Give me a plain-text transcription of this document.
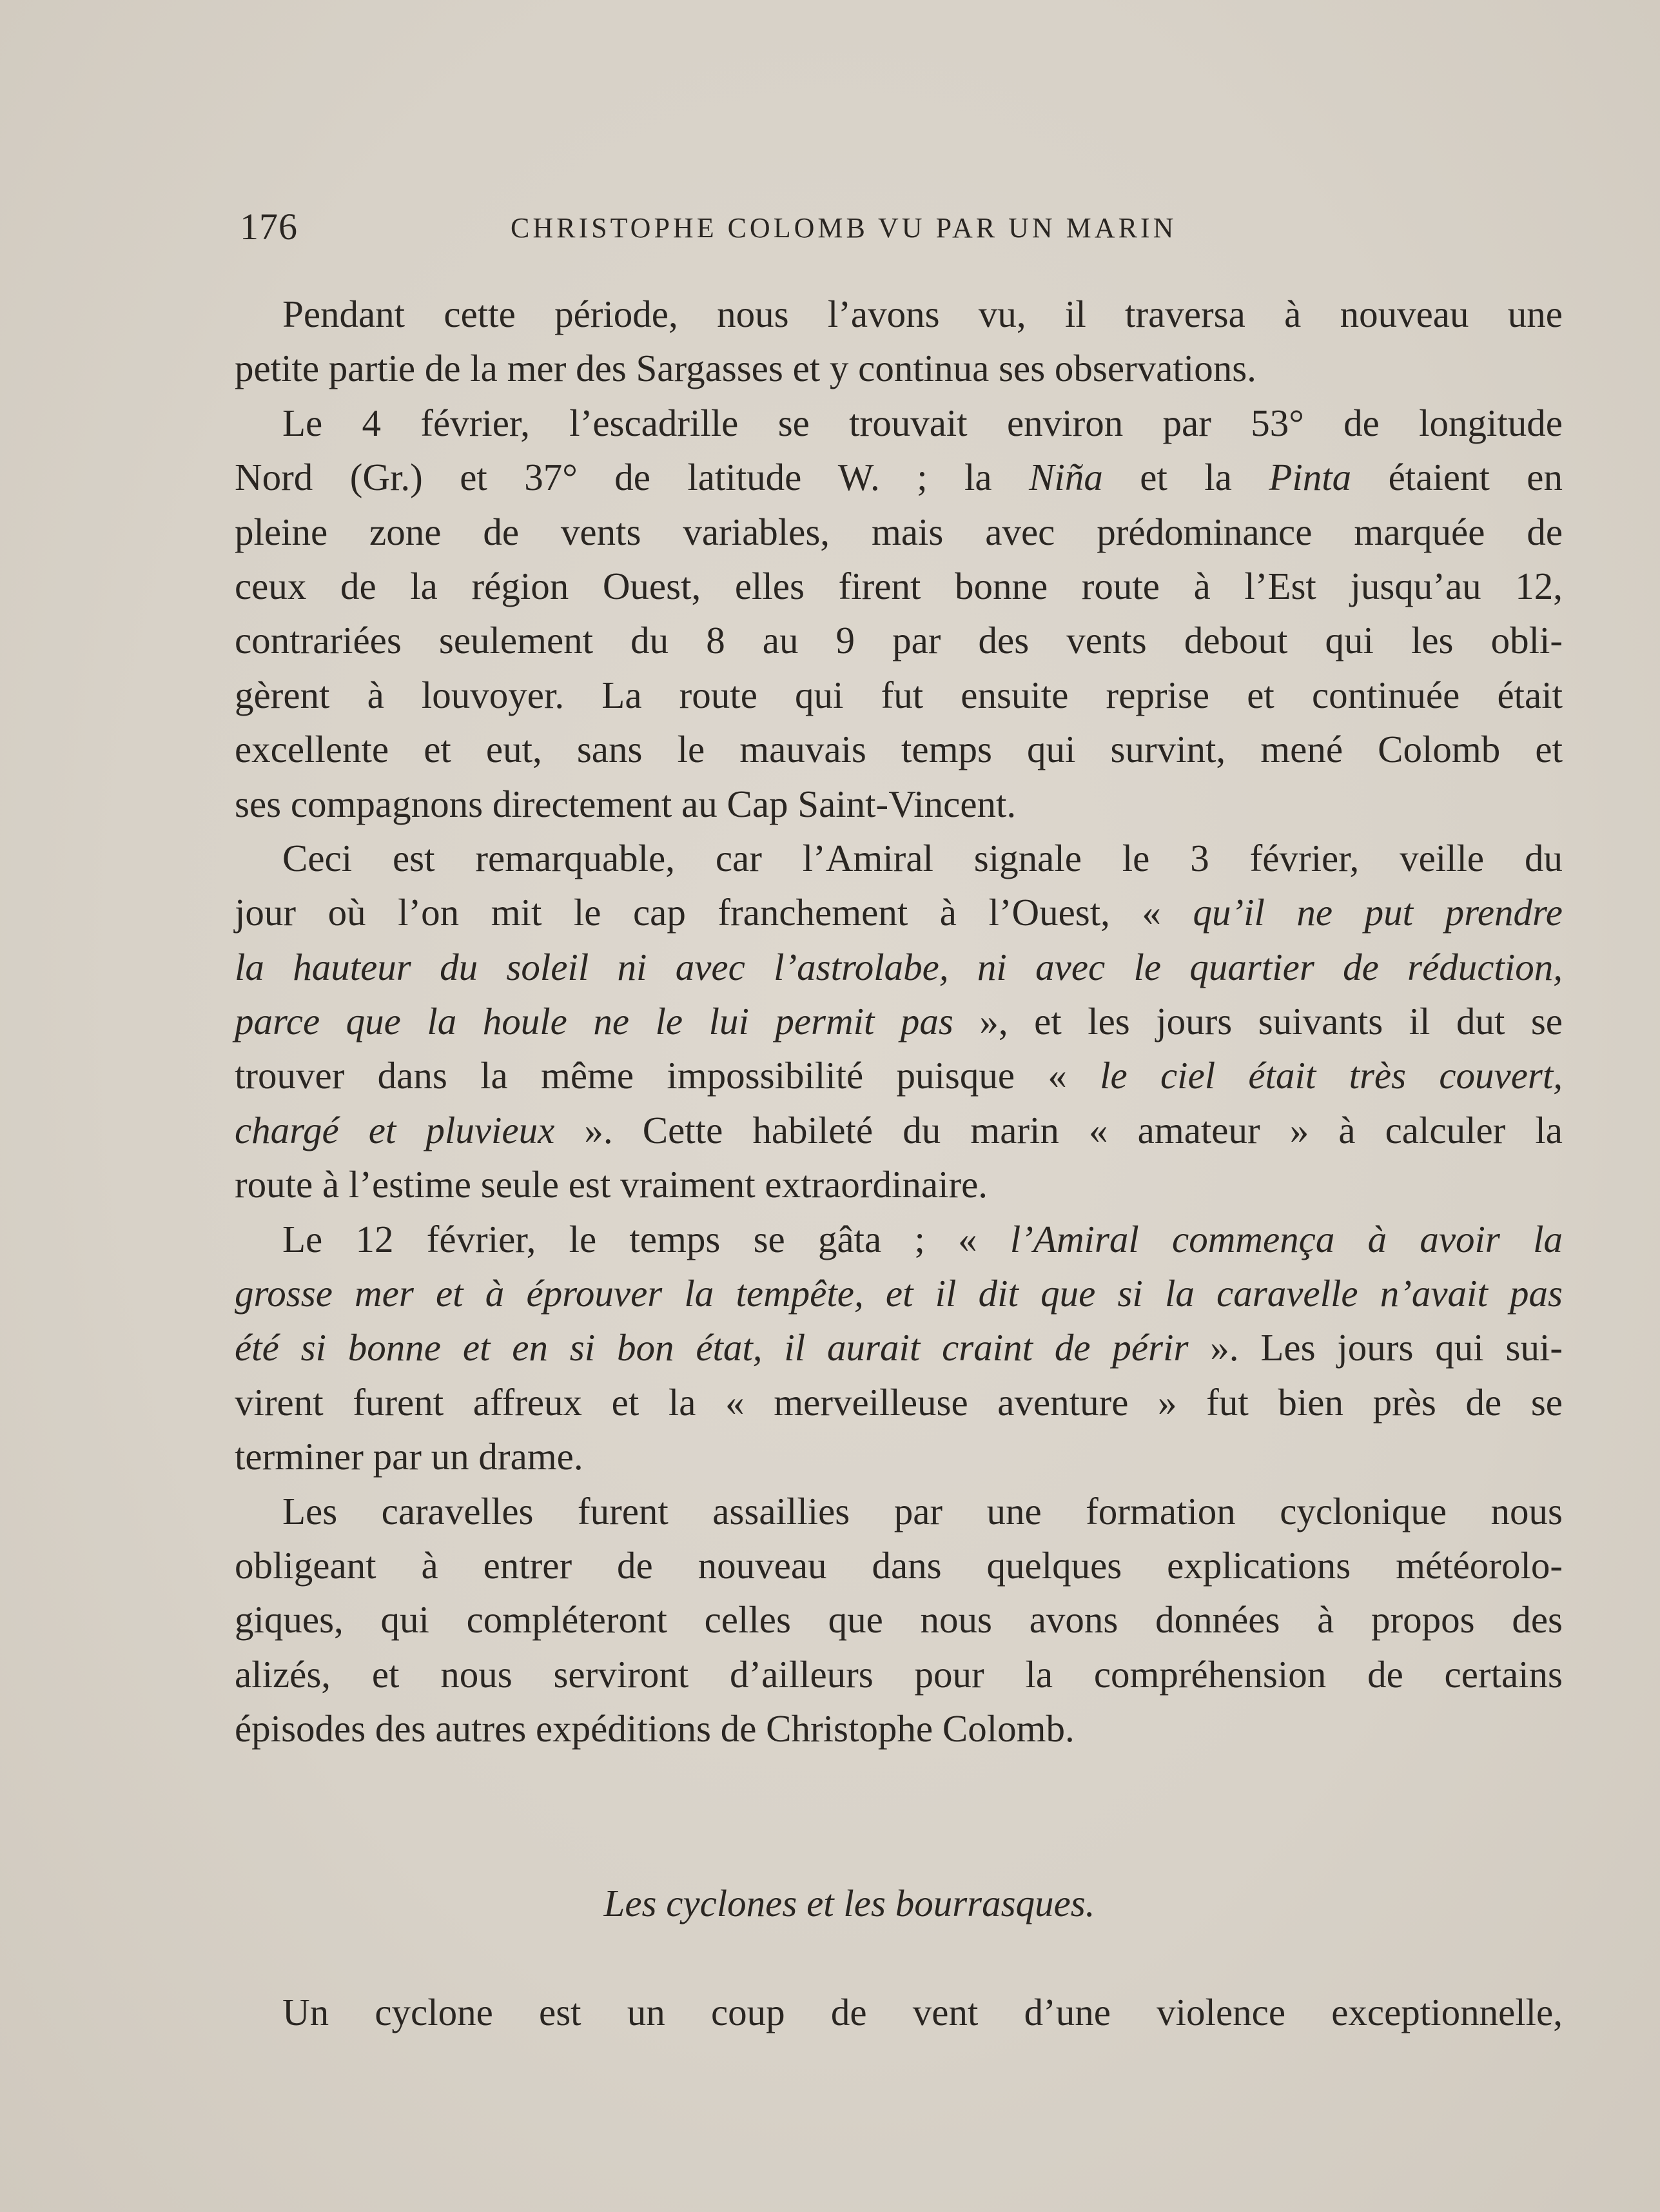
176	CHRISTOPHE COLOMB VU PAR UN MARIN
Pendant cette période, nous l’avons vu, il traversa à nouveau une
petite partie de la mer des Sargasses et y continua ses observations.
Le 4 février, l’escadrille se trouvait environ par 53° de longitude
Nord (Gr.) et 37° de latitude W. ; la Niña et la Pinta étaient en
pleine zone de vents variables, mais avec prédominance marquée de
ceux de la région Ouest, elles firent bonne route à l’Est jusqu’au 12,
contrariées seulement du 8 au 9 par des vents debout qui les obli-
gèrent à louvoyer. La route qui fut ensuite reprise et continuée était
excellente et eut, sans le mauvais temps qui survint, mené Colomb et
ses compagnons directement au Cap Saint-Vincent.
Ceci est remarquable, car l’Amiral signale le 3 février, veille du
jour où l’on mit le cap franchement à l’Ouest, « qu’il ne put prendre
la hauteur du soleil ni avec l’astrolabe, ni avec le quartier de réduction,
parce que la houle ne le lui permit pas », et les jours suivants il dut se
trouver dans la même impossibilité puisque « le ciel était très couvert,
chargé et pluvieux ». Cette habileté du marin « amateur » à calculer la
route à l’estime seule est vraiment extraordinaire.
Le 12 février, le temps se gâta ; « l’Amiral commença à avoir la
grosse mer et à éprouver la tempête, et il dit que si la caravelle n’avait pas
été si bonne et en si bon état, il aurait craint de périr ». Les jours qui sui-
virent furent affreux et la « merveilleuse aventure » fut bien près de se
terminer par un drame.
Les caravelles furent assaillies par une formation cyclonique nous
obligeant à entrer de nouveau dans quelques explications météorolo-
giques, qui compléteront celles que nous avons données à propos des
alizés, et nous serviront d’ailleurs pour la compréhension de certains
épisodes des autres expéditions de Christophe Colomb.
Les cyclones et les bourrasques.
Un cyclone est un coup de vent d’une violence exceptionnelle,
